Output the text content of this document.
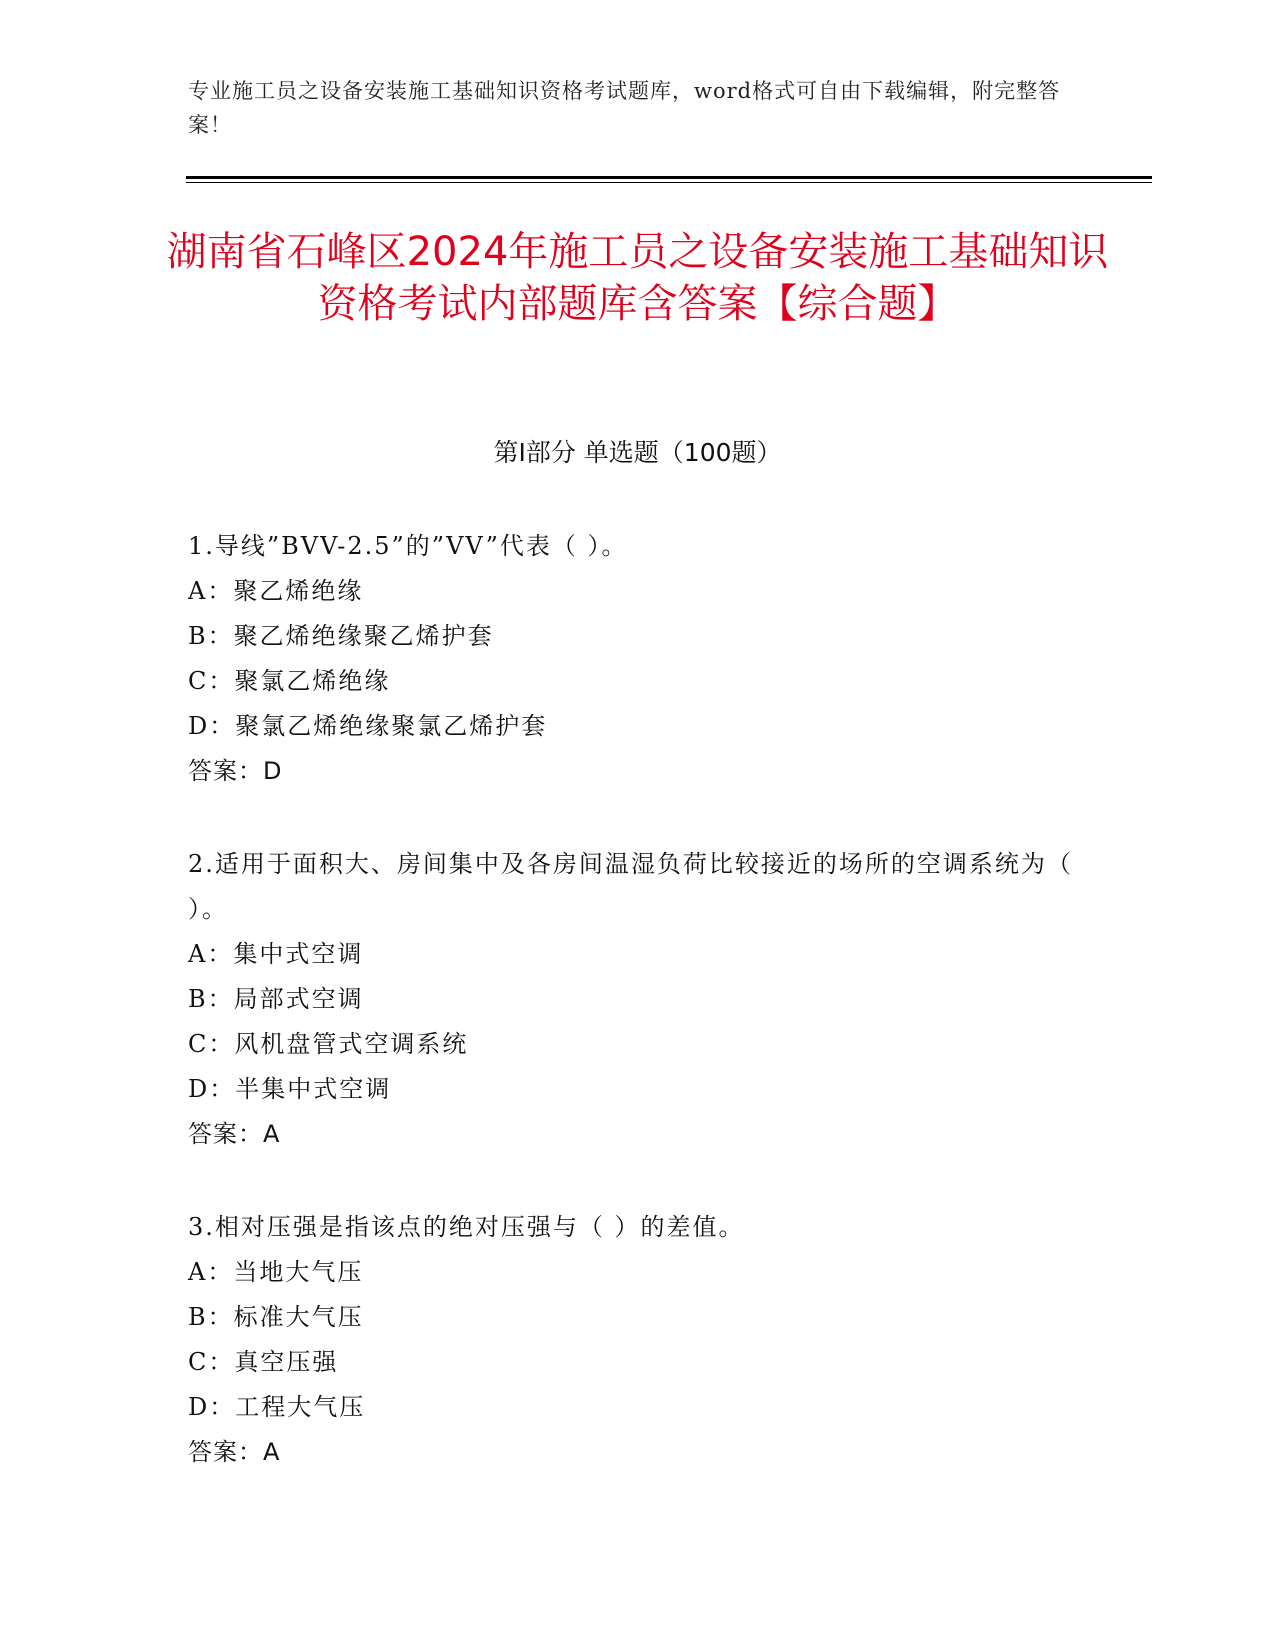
专业施工员之设备安装施工基础知识资格考试题库，word格式可自由下载编辑，附完整答案！
湖南省石峰区2024年施工员之设备安装施工基础知识资格考试内部题库含答案【综合题】
第I部分 单选题（100题）
1.导线”BVV-2.5”的”VV”代表（ ）。
A：聚乙烯绝缘
B：聚乙烯绝缘聚乙烯护套
C：聚氯乙烯绝缘
D：聚氯乙烯绝缘聚氯乙烯护套
答案：D
2.适用于面积大、房间集中及各房间温湿负荷比较接近的场所的空调系统为（ ）。
A：集中式空调
B：局部式空调
C：风机盘管式空调系统
D：半集中式空调
答案：A
3.相对压强是指该点的绝对压强与（ ）的差值。
A：当地大气压
B：标准大气压
C：真空压强
D：工程大气压
答案：A
